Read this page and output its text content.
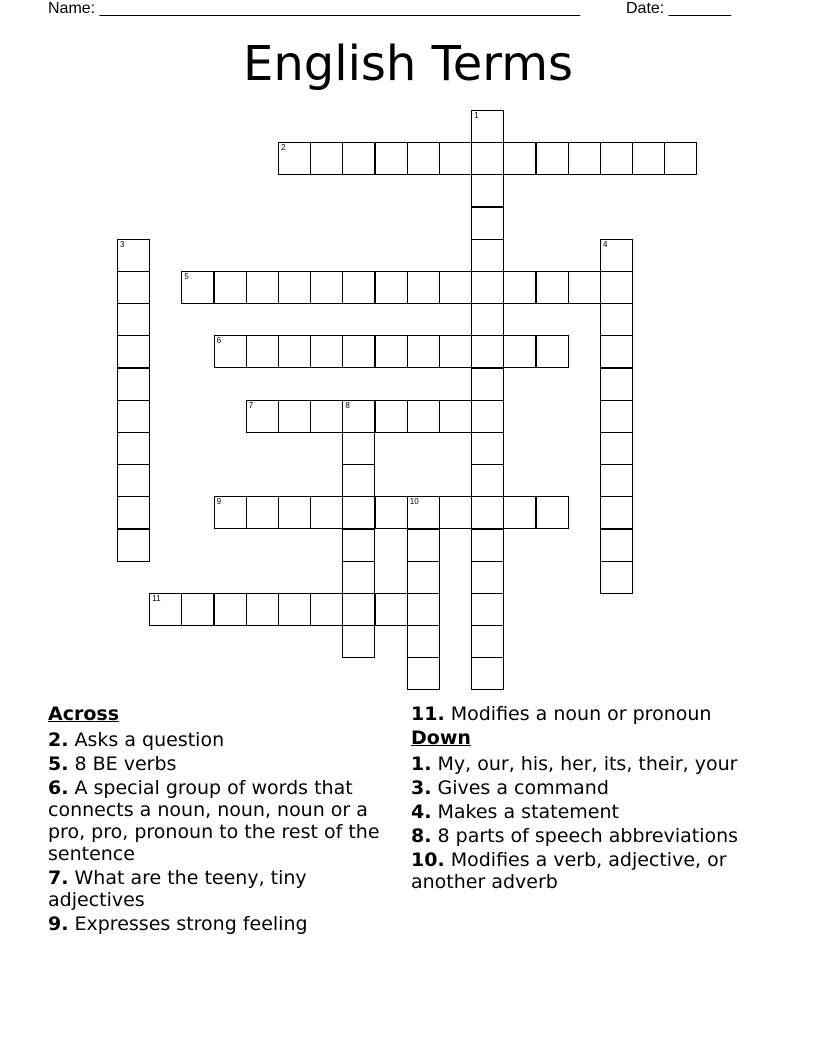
Name: ______________________________________________________	Date: _______
English Terms
1
2
3	4
5
6
7	8
9	10
11
Across
2. Asks a question
5. 8 BE verbs
6. A special group of words that connects a noun, noun, noun or a pro, pro, pronoun to the rest of the sentence
7. What are the teeny, tiny adjectives
9. Expresses strong feeling
11. Modifies a noun or pronoun
Down
1. My, our, his, her, its, their, your
3. Gives a command
4. Makes a statement
8. 8 parts of speech abbreviations
10. Modifies a verb, adjective, or another adverb
